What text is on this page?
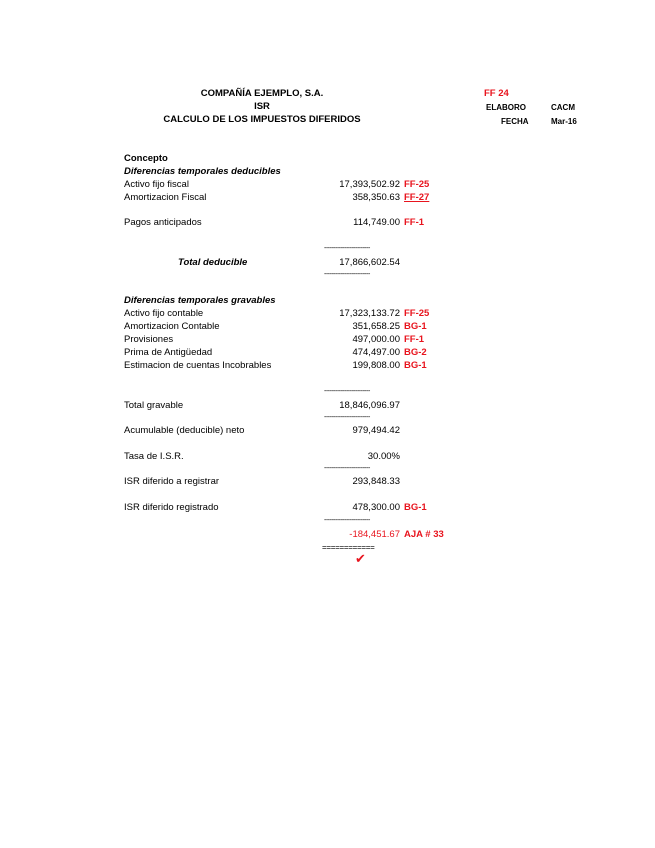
COMPAÑÍA EJEMPLO, S.A.
ISR
CALCULO DE LOS IMPUESTOS DIFERIDOS
FF 24
ELABORO	CACM
FECHA	Mar-16
Concepto
Diferencias temporales deducibles
Activo fijo fiscal	17,393,502.92 FF-25
Amortizacion Fiscal	358,350.63 FF-27
Pagos anticipados	114,749.00 FF-1
-------------------------
Total deducible	17,866,602.54
-------------------------
Diferencias temporales gravables
Activo fijo contable	17,323,133.72 FF-25
Amortizacion Contable	351,658.25 BG-1
Provisiones	497,000.00 FF-1
Prima de Antigüedad	474,497.00 BG-2
Estimacion de cuentas Incobrables	199,808.00 BG-1
-------------------------
Total gravable	18,846,096.97
-------------------------
Acumulable (deducible) neto	979,494.42
Tasa de I.S.R.	30.00%
-------------------------
ISR diferido a registrar	293,848.33
ISR diferido registrado	478,300.00 BG-1
-------------------------
-184,451.67 AJA # 33
============
✔
